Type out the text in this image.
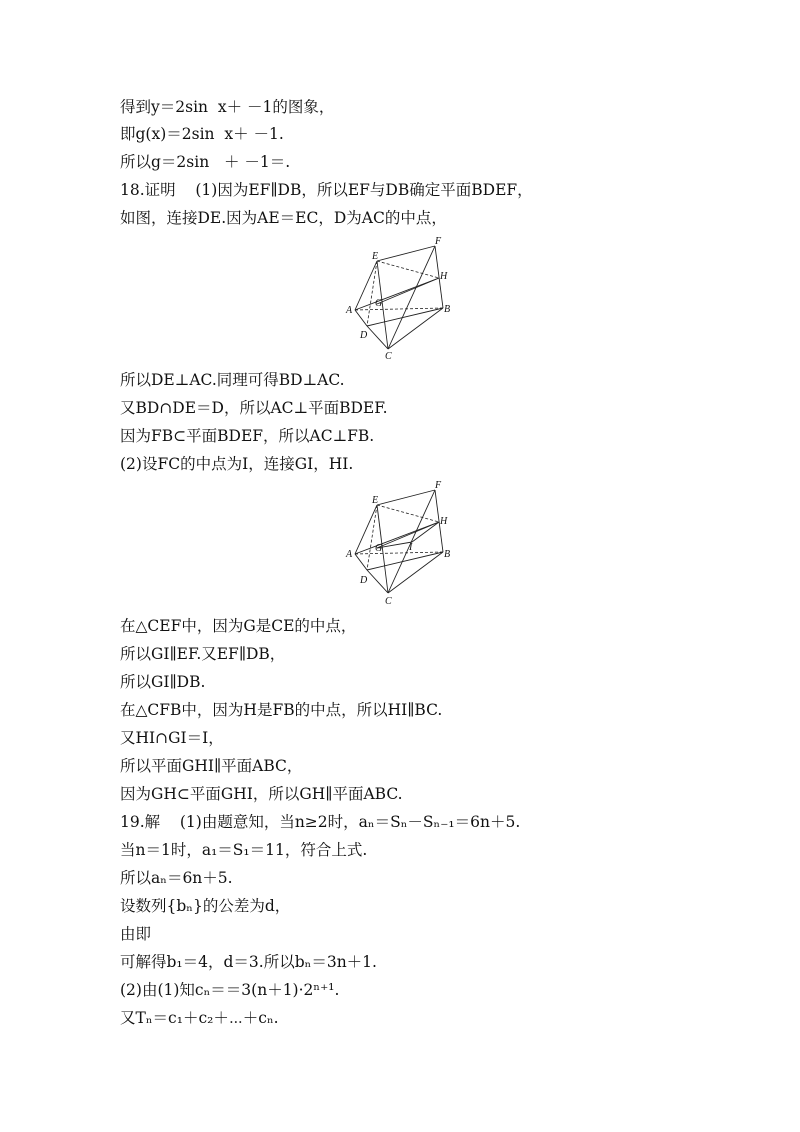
得到y＝2sin  x＋ －1的图象，
即g(x)＝2sin  x＋ －1.
所以g＝2sin   ＋ －1＝.
18.证明    (1)因为EF∥DB，所以EF与DB确定平面BDEF，
如图，连接DE.因为AE＝EC，D为AC的中点，
E
F
H
G
A	B
D
C
所以DE⊥AC.同理可得BD⊥AC.
又BD∩DE＝D，所以AC⊥平面BDEF.
因为FB⊂平面BDEF，所以AC⊥FB.
(2)设FC的中点为I，连接GI，HI.
E
F
H
G	I
A	B
D
C
在△CEF中，因为G是CE的中点，
所以GI∥EF.又EF∥DB，
所以GI∥DB.
在△CFB中，因为H是FB的中点，所以HI∥BC.
又HI∩GI＝I，
所以平面GHI∥平面ABC，
因为GH⊂平面GHI，所以GH∥平面ABC.
19.解    (1)由题意知，当n≥2时，aₙ＝Sₙ－Sₙ₋₁＝6n＋5.
当n＝1时，a₁＝S₁＝11，符合上式.
所以aₙ＝6n＋5.
设数列{bₙ}的公差为d，
由即
可解得b₁＝4，d＝3.所以bₙ＝3n＋1.
(2)由(1)知cₙ＝＝3(n＋1)·2ⁿ⁺¹.
又Tₙ＝c₁＋c₂＋⋯＋cₙ.
